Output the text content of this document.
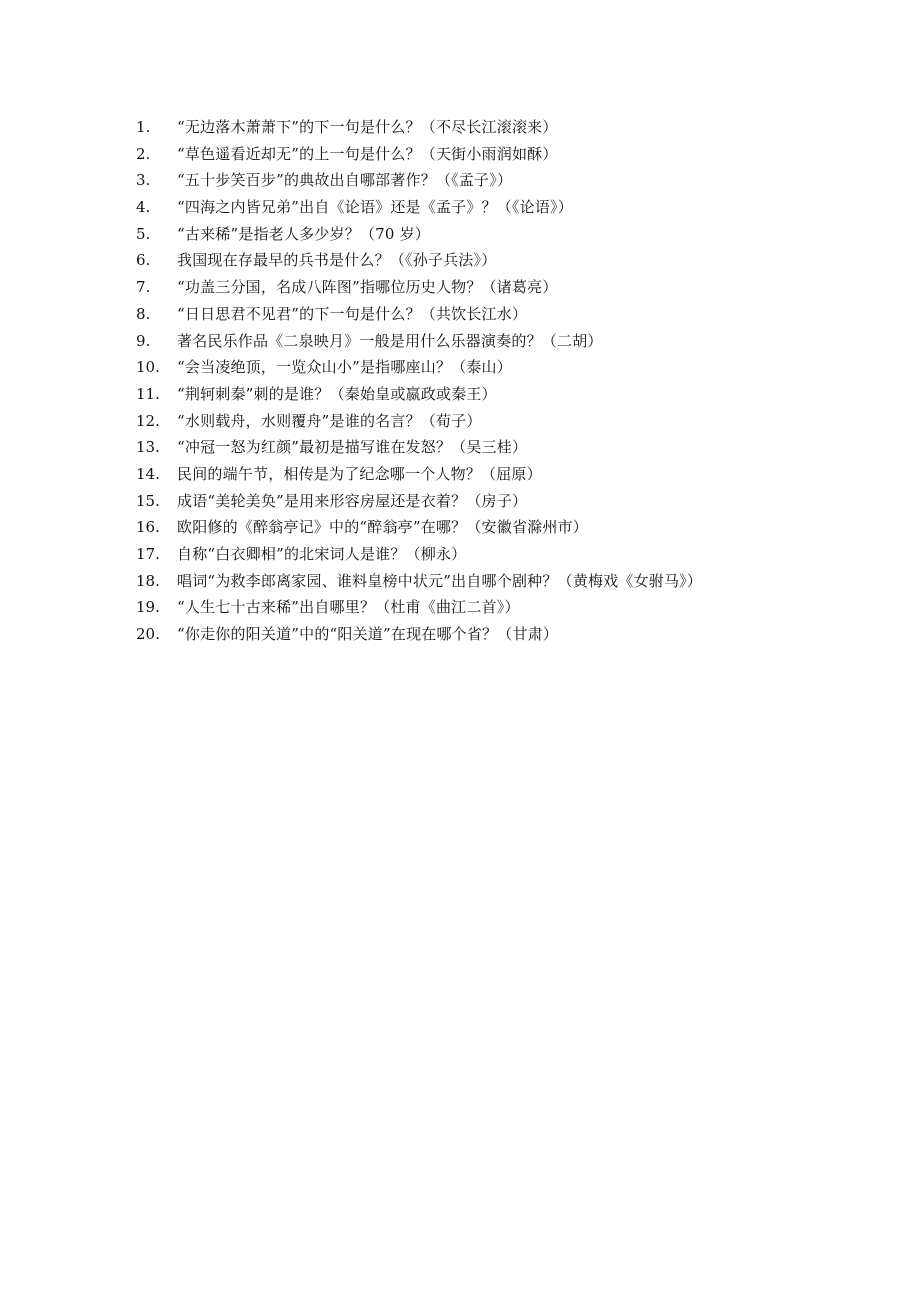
1.	“无边落木萧萧下”的下一句是什么？（不尽长江滚滚来）
2.	“草色遥看近却无”的上一句是什么？（天街小雨润如酥）
3.	“五十步笑百步”的典故出自哪部著作？（《孟子》）
4.	“四海之内皆兄弟”出自《论语》还是《孟子》？（《论语》）
5.	“古来稀”是指老人多少岁？（70 岁）
6.	我国现在存最早的兵书是什么？（《孙子兵法》）
7.	“功盖三分国，名成八阵图”指哪位历史人物？（诸葛亮）
8.	“日日思君不见君”的下一句是什么？（共饮长江水）
9.	著名民乐作品《二泉映月》一般是用什么乐器演奏的？（二胡）
10.	“会当凌绝顶，一览众山小”是指哪座山？（泰山）
11.	“荆轲刺秦”刺的是谁？（秦始皇或嬴政或秦王）
12.	“水则载舟，水则覆舟”是谁的名言？（荀子）
13.	“冲冠一怒为红颜”最初是描写谁在发怒？（吴三桂）
14.	民间的端午节，相传是为了纪念哪一个人物？（屈原）
15.	成语“美轮美奂”是用来形容房屋还是衣着？（房子）
16.	欧阳修的《醉翁亭记》中的“醉翁亭”在哪？（安徽省滁州市）
17.	自称“白衣卿相”的北宋词人是谁？（柳永）
18.	唱词“为救李郎离家园、谁料皇榜中状元”出自哪个剧种？（黄梅戏《女驸马》）
19.	“人生七十古来稀”出自哪里？（杜甫《曲江二首》）
20.	“你走你的阳关道”中的“阳关道”在现在哪个省？（甘肃）
